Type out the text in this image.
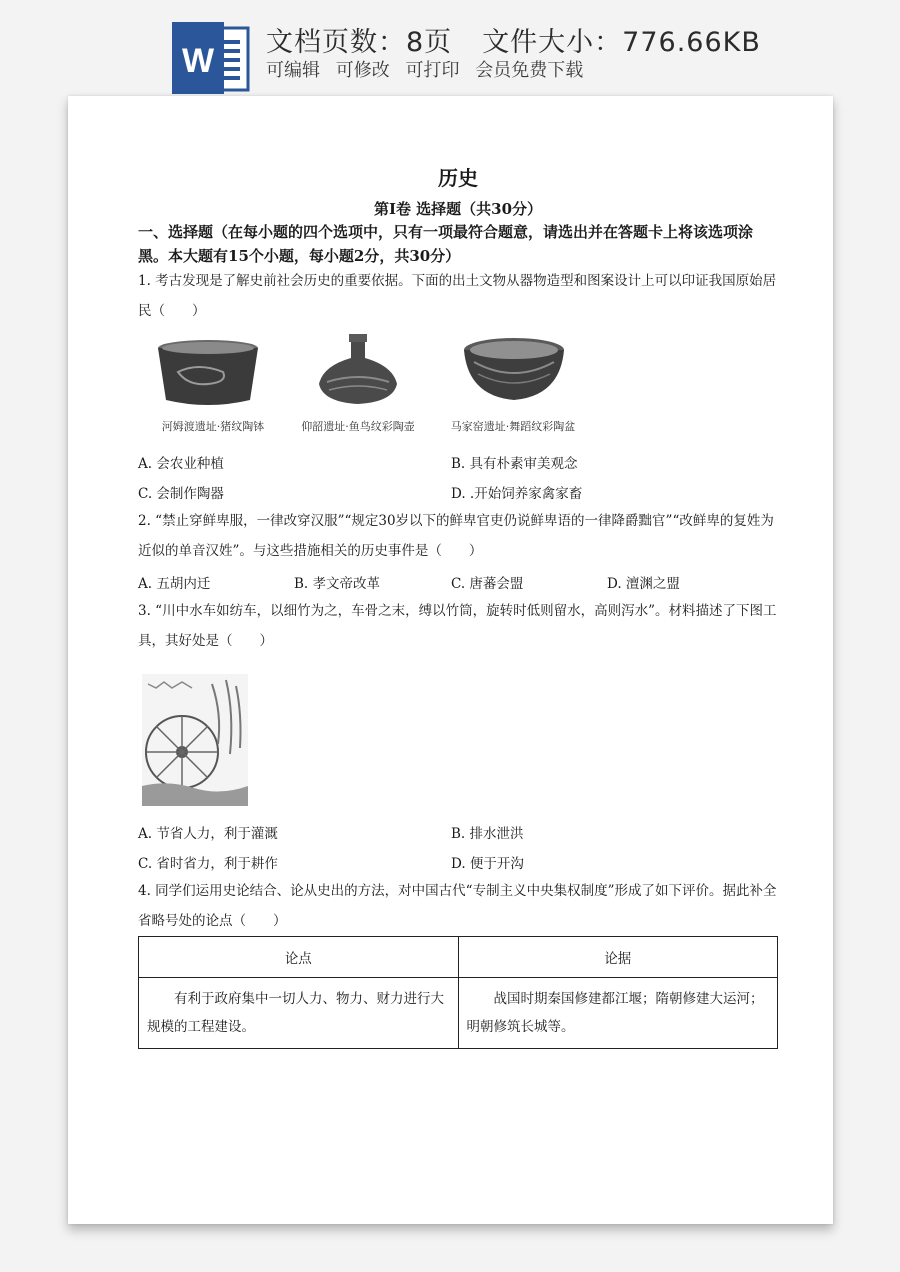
W 文档页数：8页 文件大小：776.66KB
可编辑 可修改 可打印 会员免费下载
历史
第Ⅰ卷 选择题（共30分）
一、选择题（在每小题的四个选项中，只有一项最符合题意，请选出并在答题卡上将该选项涂黑。本大题有15个小题，每小题2分，共30分）
1. 考古发现是了解史前社会历史的重要依据。下面的出土文物从器物造型和图案设计上可以印证我国原始居民（　　）
河姆渡遗址·猪纹陶钵	仰韶遗址·鱼鸟纹彩陶壶	马家窑遗址·舞蹈纹彩陶盆
A. 会农业种植	B. 具有朴素审美观念
C. 会制作陶器	D. .开始饲养家禽家畜
2. “禁止穿鲜卑服，一律改穿汉服”“规定30岁以下的鲜卑官吏仍说鲜卑语的一律降爵黜官”“改鲜卑的复姓为近似的单音汉姓”。与这些措施相关的历史事件是（　　）
A. 五胡内迁	B. 孝文帝改革	C. 唐蕃会盟	D. 澶渊之盟
3. “川中水车如纺车，以细竹为之，车骨之末，缚以竹筒，旋转时低则留水，高则泻水”。材料描述了下图工具，其好处是（　　）
A. 节省人力，利于灌溉	B. 排水泄洪
C. 省时省力，利于耕作	D. 便于开沟
4. 同学们运用史论结合、论从史出的方法，对中国古代“专制主义中央集权制度”形成了如下评价。据此补全省略号处的论点（　　）
论点	论据
有利于政府集中一切人力、物力、财力进行大规模的工程建设。	战国时期秦国修建都江堰；隋朝修建大运河；明朝修筑长城等。
